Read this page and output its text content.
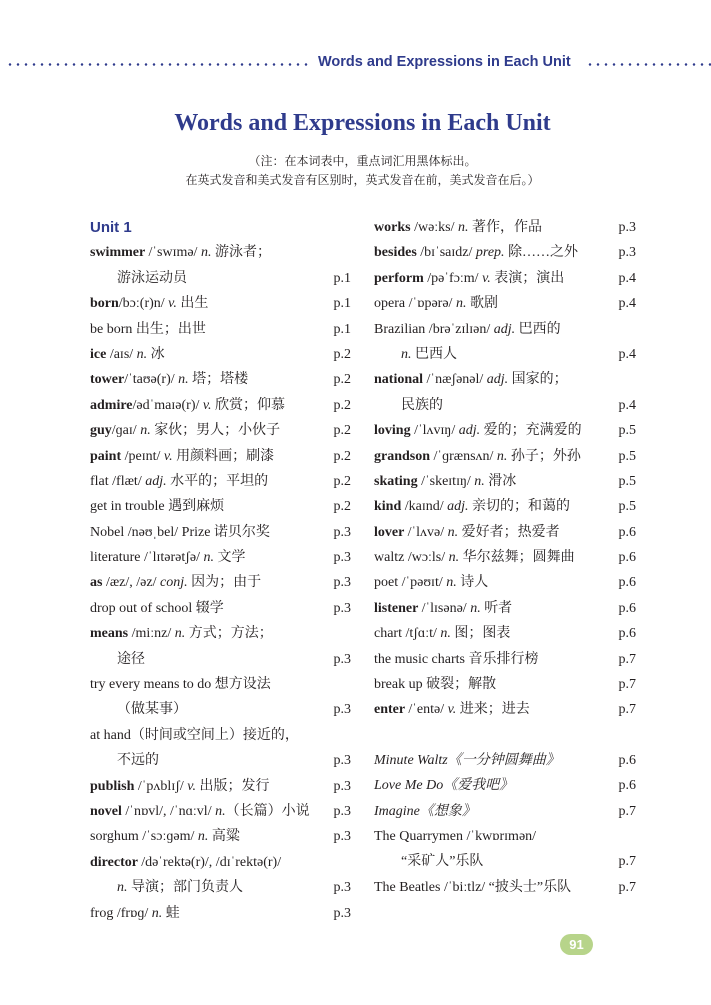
Words and Expressions in Each Unit
Words and Expressions in Each Unit
（注：在本词表中，重点词汇用黑体标出。
在英式发音和美式发音有区别时，英式发音在前，美式发音在后。）
Unit 1
swimmer /ˈswɪmə/ n. 游泳者；
游泳运动员	p.1
born/bɔː(r)n/ v. 出生	p.1
be born 出生；出世	p.1
ice /aɪs/ n. 冰	p.2
tower/ˈtaʊə(r)/ n. 塔；塔楼	p.2
admire/ədˈmaɪə(r)/ v. 欣赏；仰慕	p.2
guy/ɡaɪ/ n. 家伙；男人；小伙子	p.2
paint /peɪnt/ v. 用颜料画；刷漆	p.2
flat /flæt/ adj. 水平的；平坦的	p.2
get in trouble 遇到麻烦	p.2
Nobel /nəʊˌbel/ Prize 诺贝尔奖	p.3
literature /ˈlɪtərətʃə/ n. 文学	p.3
as /æz/, /əz/ conj. 因为；由于	p.3
drop out of school 辍学	p.3
means /miːnz/ n. 方式；方法；
途径	p.3
try every means to do 想方设法
（做某事）	p.3
at hand（时间或空间上）接近的，
不远的	p.3
publish /ˈpʌblɪʃ/ v. 出版；发行	p.3
novel /ˈnɒvl/, /ˈnɑːvl/ n.（长篇）小说 p.3
sorghum /ˈsɔːɡəm/ n. 高粱	p.3
director /dəˈrektə(r)/, /dɪˈrektə(r)/
n. 导演；部门负责人	p.3
frog /frɒɡ/ n. 蛙	p.3
works /wəːks/ n. 著作，作品	p.3
besides /bɪˈsaɪdz/ prep. 除……之外	p.3
perform /pəˈfɔːm/ v. 表演；演出	p.4
opera /ˈɒpərə/ n. 歌剧	p.4
Brazilian /brəˈzɪlɪən/ adj. 巴西的
n. 巴西人	p.4
national /ˈnæʃənəl/ adj. 国家的；
民族的	p.4
loving /ˈlʌvɪŋ/ adj. 爱的；充满爱的	p.5
grandson /ˈɡrænsʌn/ n. 孙子；外孙	p.5
skating /ˈskeɪtɪŋ/ n. 滑冰	p.5
kind /kaɪnd/ adj. 亲切的；和蔼的	p.5
lover /ˈlʌvə/ n. 爱好者；热爱者	p.6
waltz /wɔːls/ n. 华尔兹舞；圆舞曲	p.6
poet /ˈpəʊɪt/ n. 诗人	p.6
listener /ˈlɪsənə/ n. 听者	p.6
chart /tʃɑːt/ n. 图；图表	p.6
the music charts 音乐排行榜	p.7
break up 破裂；解散	p.7
enter /ˈentə/ v. 进来；进去	p.7
Minute Waltz《一分钟圆舞曲》	p.6
Love Me Do《爱我吧》	p.6
Imagine《想象》	p.7
The Quarrymen /ˈkwɒrɪmən/
“采矿人”乐队	p.7
The Beatles /ˈbiːtlz/ “披头士”乐队	p.7
91
